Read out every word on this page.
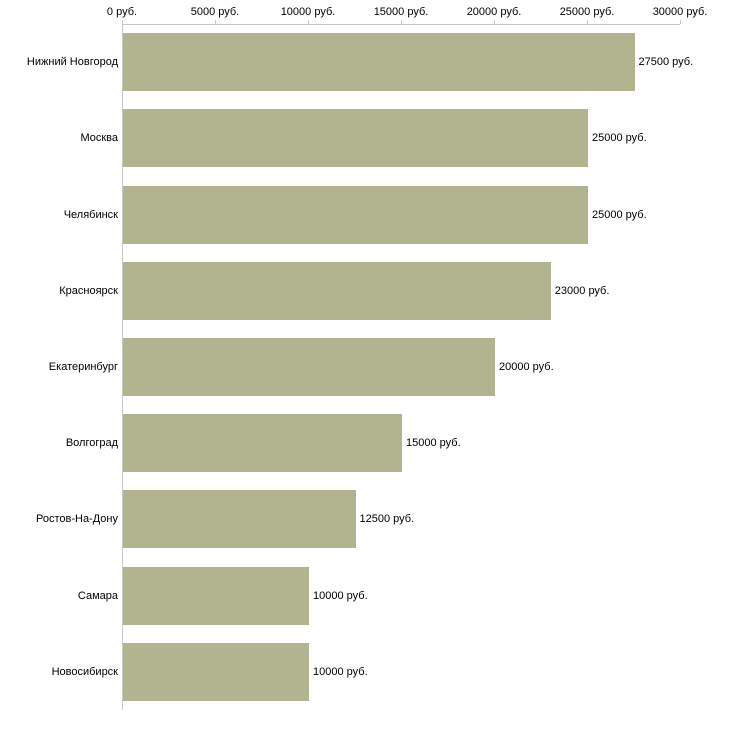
0 руб.	5000 руб.	10000 руб.	15000 руб.	20000 руб.	25000 руб.	30000 руб.
Нижний Новгород	27500 руб.
Москва	25000 руб.
Челябинск	25000 руб.
Красноярск	23000 руб.
Екатеринбург	20000 руб.
Волгоград	15000 руб.
Ростов-На-Дону	12500 руб.
Самара	10000 руб.
Новосибирск	10000 руб.
